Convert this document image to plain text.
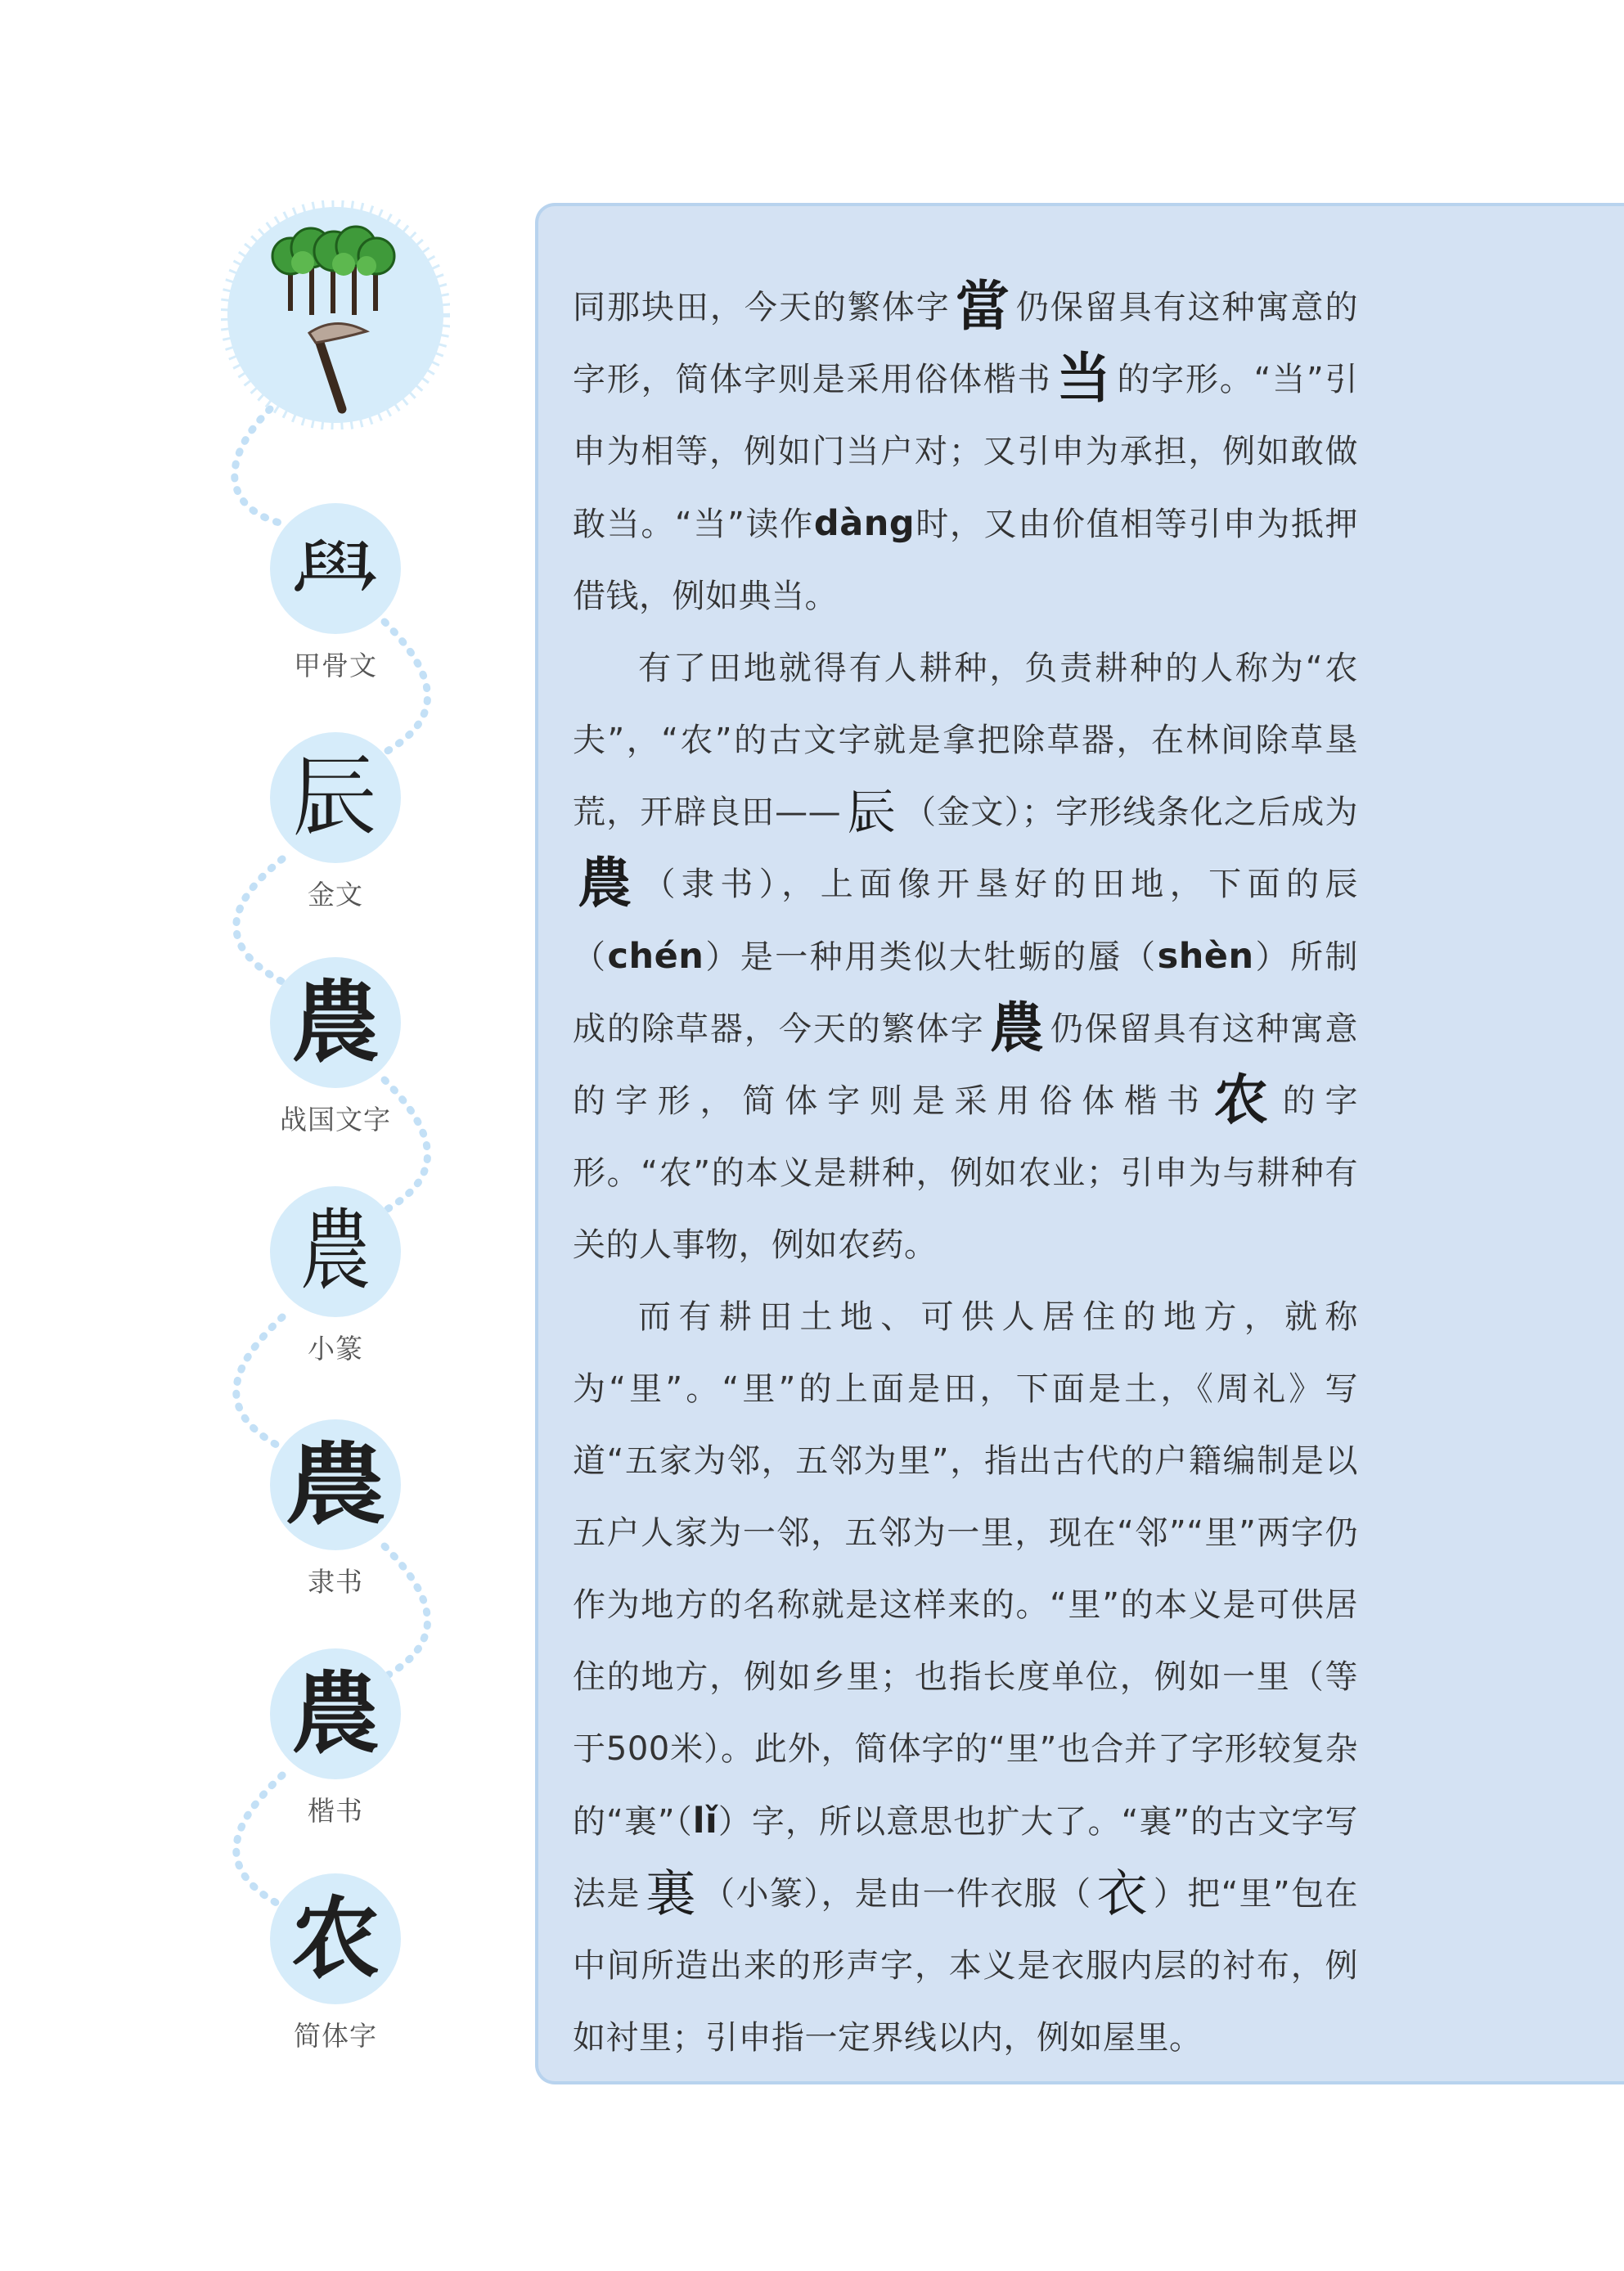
𦥯
甲骨文
𨑃
金文
農
战国文字
農
小篆
農
隶书
農
楷书
农
简体字

同那块田，今天的繁体字當 仍保留具有这种寓意的字形，简体字则是采用俗体楷书当 的字形。“当”引申为相等，例如门当户对；又引申为承担，例如敢做敢当。“当”读作dàng时，又由价值相等引申为抵押借钱，例如典当。

有了田地就得有人耕种，负责耕种的人称为“农夫”，“农”的古文字就是拿把除草器，在林间除草垦荒，开辟良田——𨑃 （金文）；字形线条化之后成为農 （隶书），上面像开垦好的田地，下面的辰（chén）是一种用类似大牡蛎的蜃（shèn）所制成的除草器，今天的繁体字農 仍保留具有这种寓意的字形，简体字则是采用俗体楷书农 的字形。“农”的本义是耕种，例如农业；引申为与耕种有关的人事物，例如农药。

而有耕田土地、可供人居住的地方，就称为“里”。“里”的上面是田，下面是土，《周礼》写道“五家为邻，五邻为里”，指出古代的户籍编制是以五户人家为一邻，五邻为一里，现在“邻”“里”两字仍作为地方的名称就是这样来的。“里”的本义是可供居住的地方，例如乡里；也指长度单位，例如一里（等于500米）。此外，简体字的“里”也合并了字形较复杂的“裏”（lǐ）字，所以意思也扩大了。“裏”的古文字写法是裏 （小篆），是由一件衣服（衣 ）把“里”包在中间所造出来的形声字，本义是衣服内层的衬布，例如衬里；引申指一定界线以内，例如屋里。
